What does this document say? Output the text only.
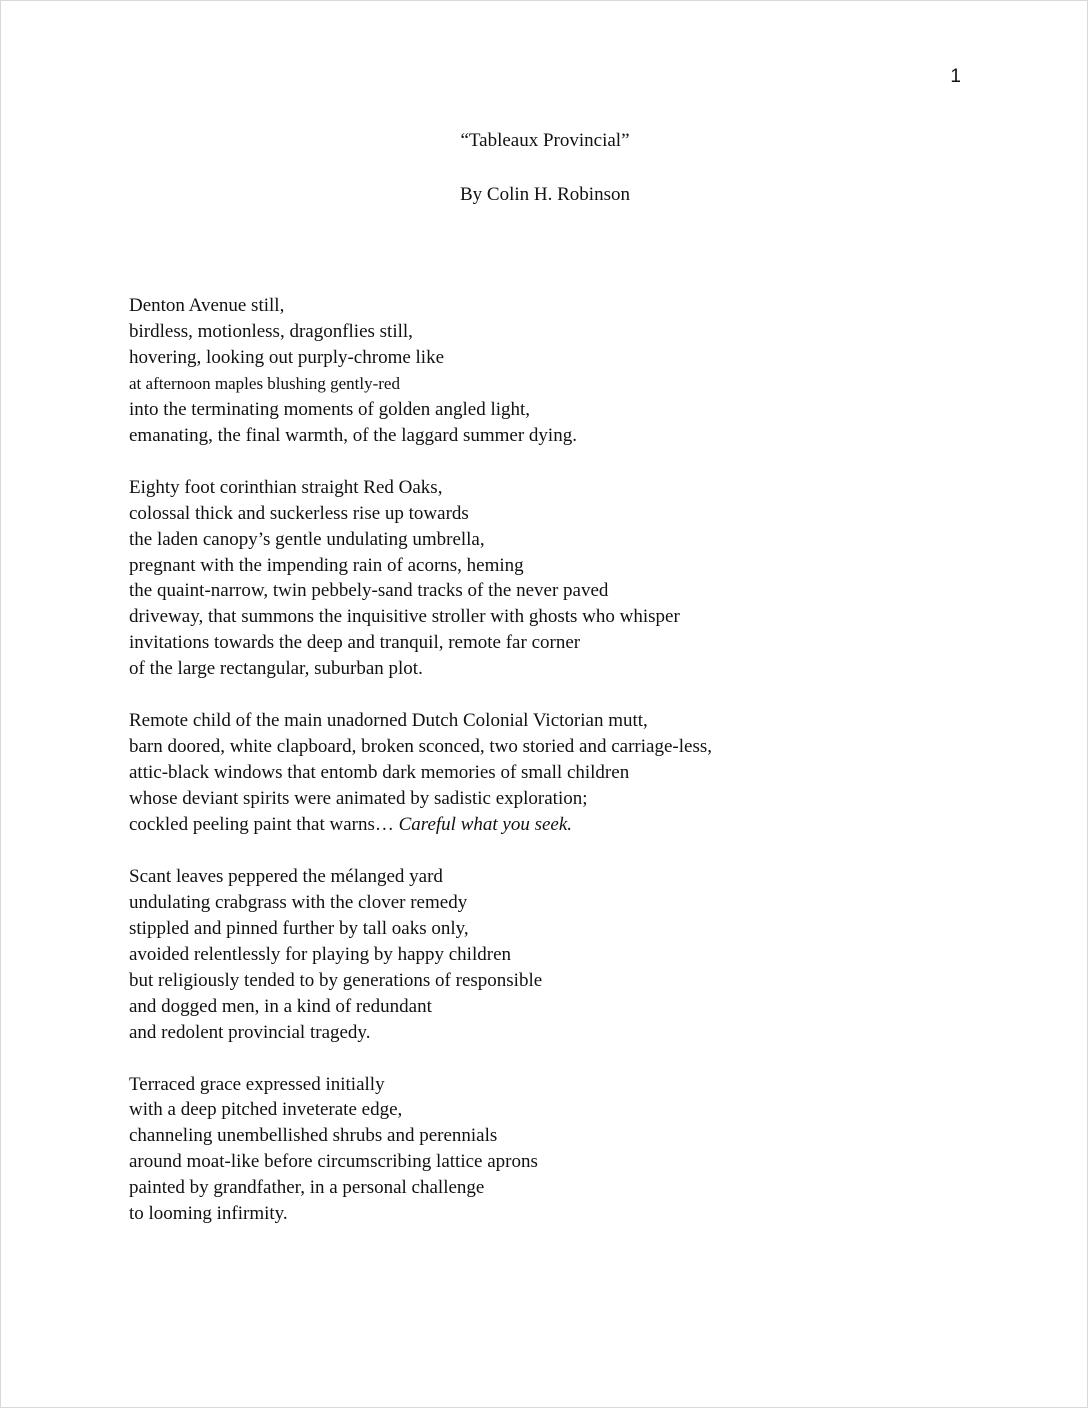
1
“Tableaux Provincial”
By Colin H. Robinson
Denton Avenue still,
birdless, motionless, dragonflies still,
hovering, looking out purply-chrome like
at afternoon maples blushing gently-red
into the terminating moments of golden angled light,
emanating, the final warmth, of the laggard summer dying.
Eighty foot corinthian straight Red Oaks,
colossal thick and suckerless rise up towards
the laden canopy’s gentle undulating umbrella,
pregnant with the impending rain of acorns, heming
the quaint-narrow, twin pebbely-sand tracks of the never paved
driveway, that summons the inquisitive stroller with ghosts who whisper
invitations towards the deep and tranquil, remote far corner
of the large rectangular, suburban plot.
Remote child of the main unadorned Dutch Colonial Victorian mutt,
barn doored, white clapboard, broken sconced, two storied and carriage-less,
attic-black windows that entomb dark memories of small children
whose deviant spirits were animated by sadistic exploration;
cockled peeling paint that warns… Careful what you seek.
Scant leaves peppered the mélanged yard
undulating crabgrass with the clover remedy
stippled and pinned further by tall oaks only,
avoided relentlessly for playing by happy children
but religiously tended to by generations of responsible
and dogged men, in a kind of redundant
and redolent provincial tragedy.
Terraced grace expressed initially
with a deep pitched inveterate edge,
channeling unembellished shrubs and perennials
around moat-like before circumscribing lattice aprons
painted by grandfather, in a personal challenge
to looming infirmity.
